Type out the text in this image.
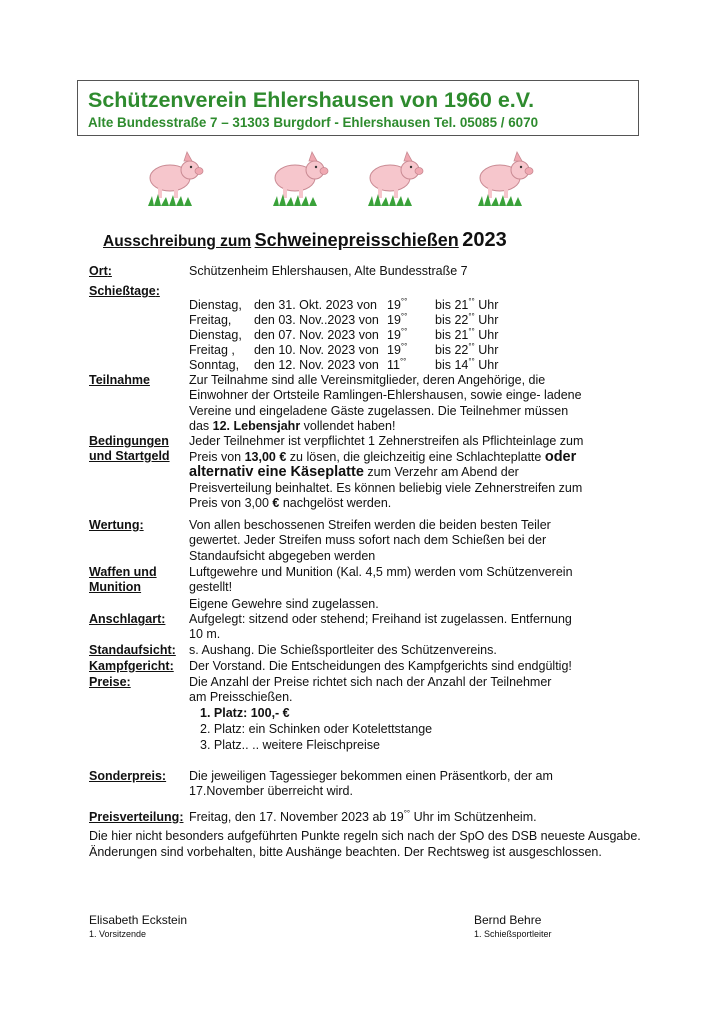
Schützenverein Ehlershausen von 1960 e.V.
Alte Bundesstraße 7 – 31303 Burgdorf - Ehlershausen Tel. 05085 / 6070
Ausschreibung zum Schweinepreisschießen 2023
Ort:	Schützenheim Ehlershausen, Alte Bundesstraße 7
Schießtage:
Dienstag, den 31. Okt. 2023 von 19°° bis 21°° Uhr
Freitag, den 03. Nov..2023 von 19°° bis 22°° Uhr
Dienstag, den 07. Nov. 2023 von 19°° bis 21°° Uhr
Freitag , den 10. Nov. 2023 von 19°° bis 22°° Uhr
Sonntag, den 12. Nov. 2023 von 11°° bis 14°° Uhr
Teilnahme	Zur Teilnahme sind alle Vereinsmitglieder, deren Angehörige, die Einwohner der Ortsteile Ramlingen-Ehlershausen, sowie einge- ladene Vereine und eingeladene Gäste zugelassen. Die Teilnehmer müssen das 12. Lebensjahr vollendet haben!
Bedingungen
und Startgeld
Jeder Teilnehmer ist verpflichtet 1 Zehnerstreifen als Pflichteinlage zum Preis von 13,00 € zu lösen, die gleichzeitig eine Schlachteplatte oder alternativ eine Käseplatte zum Verzehr am Abend der Preisverteilung beinhaltet. Es können beliebig viele Zehnerstreifen zum Preis von 3,00 € nachgelöst werden.
Wertung:	Von allen beschossenen Streifen werden die beiden besten Teiler gewertet. Jeder Streifen muss sofort nach dem Schießen bei der Standaufsicht abgegeben werden
Waffen und
Munition
Luftgewehre und Munition (Kal. 4,5 mm) werden vom Schützenverein gestellt!
Eigene Gewehre sind zugelassen.
Anschlagart: Aufgelegt: sitzend oder stehend; Freihand ist zugelassen. Entfernung 10 m.
Standaufsicht: s. Aushang. Die Schießsportleiter des Schützenvereins.
Kampfgericht: Der Vorstand. Die Entscheidungen des Kampfgerichts sind endgültig!
Preise:	Die Anzahl der Preise richtet sich nach der Anzahl der Teilnehmer am Preisschießen.
1. Platz: 100,- €
2. Platz: ein Schinken oder Kotelettstange
3. Platz.. .. weitere Fleischpreise
Sonderpreis: Die jeweiligen Tagessieger bekommen einen Präsentkorb, der am 17.November überreicht wird.
Preisverteilung: Freitag, den 17. November 2023 ab 19°° Uhr im Schützenheim.
Die hier nicht besonders aufgeführten Punkte regeln sich nach der SpO des DSB neueste Ausgabe.
Änderungen sind vorbehalten, bitte Aushänge beachten. Der Rechtsweg ist ausgeschlossen.
Elisabeth Eckstein
1. Vorsitzende
Bernd Behre
1. Schießsportleiter
